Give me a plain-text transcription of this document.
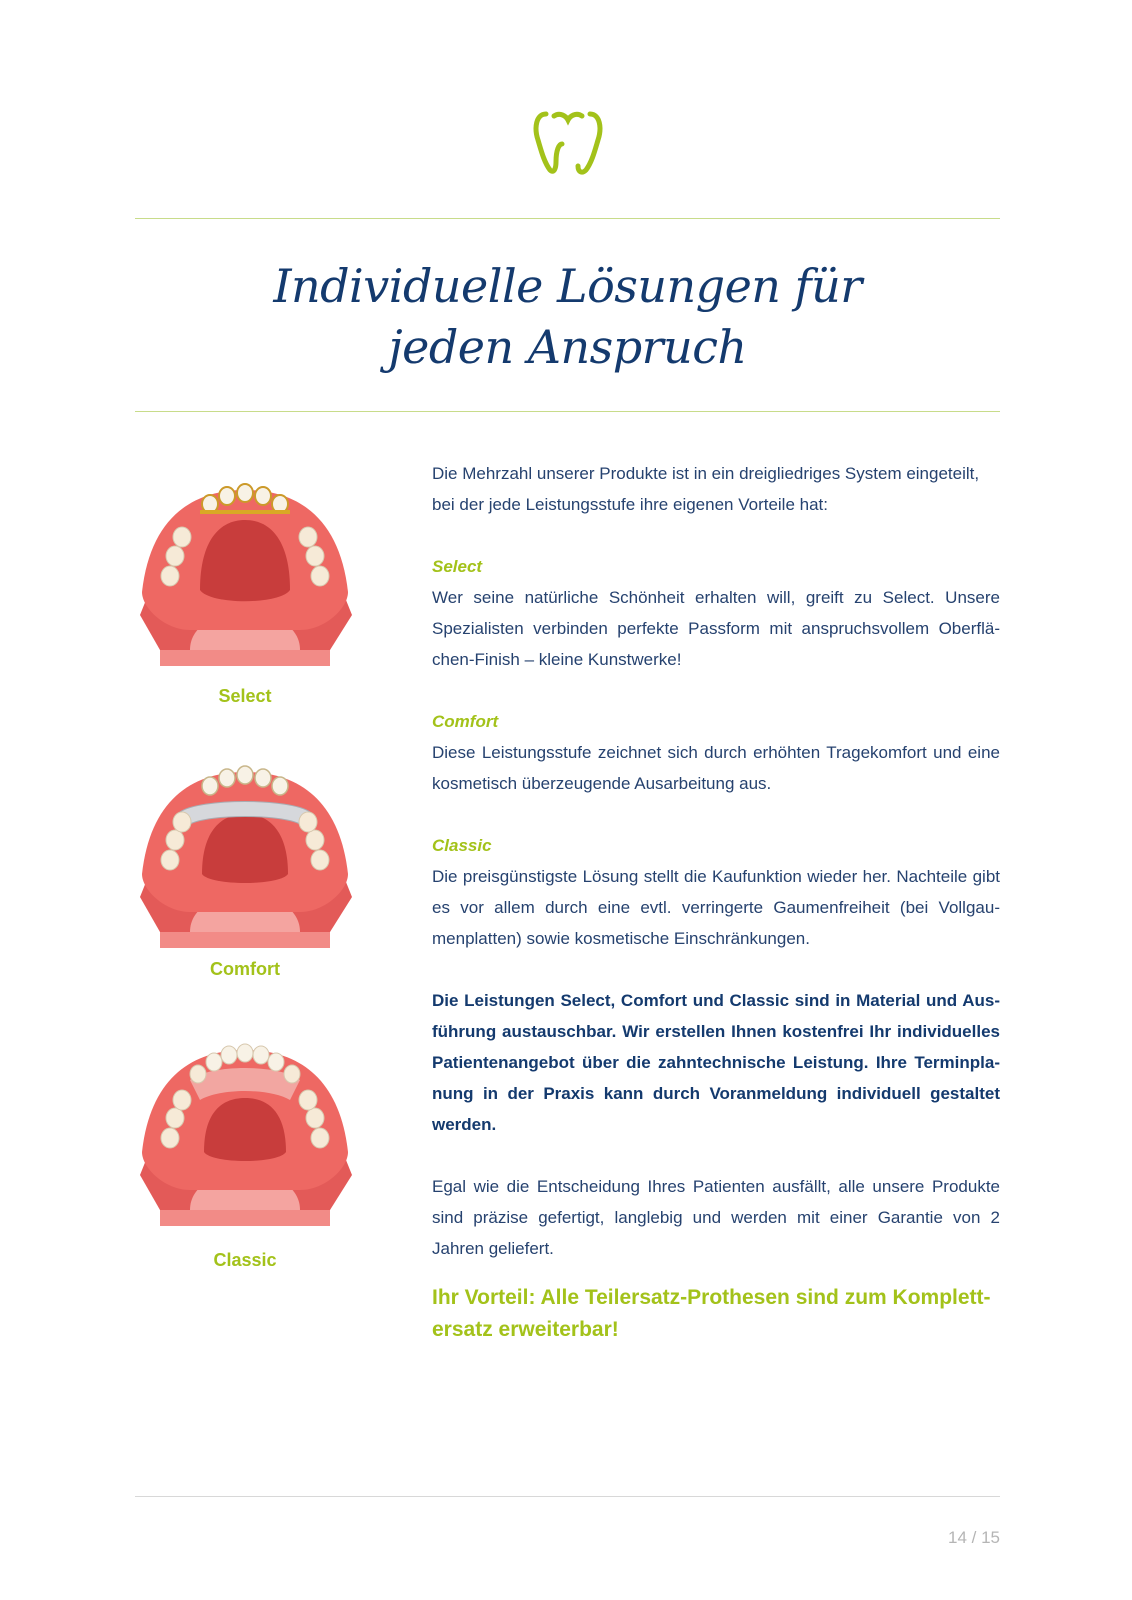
Individuelle Lösungen für
jeden Anspruch
Select
Comfort
Classic

Die Mehrzahl unserer Produkte ist in ein dreigliedriges System eingeteilt, bei der jede Leistungsstufe ihre eigenen Vorteile hat:

Select

Wer seine natürliche Schönheit erhalten will, greift zu Select. Unsere Spezialisten verbinden perfekte Passform mit anspruchsvollem Oberflächen-Finish – kleine Kunstwerke!

Comfort

Diese Leistungsstufe zeichnet sich durch erhöhten Tragekomfort und eine kosmetisch überzeugende Ausarbeitung aus.

Classic

Die preisgünstigste Lösung stellt die Kaufunktion wieder her. Nachteile gibt es vor allem durch eine evtl. verringerte Gaumenfreiheit (bei Vollgaumenplatten) sowie kosmetische Einschränkungen.

Die Leistungen Select, Comfort und Classic sind in Material und Ausführung austauschbar. Wir erstellen Ihnen kostenfrei Ihr individuelles Patientenangebot über die zahntechnische Leistung. Ihre Terminplanung in der Praxis kann durch Voranmeldung individuell gestaltet werden.

Egal wie die Entscheidung Ihres Patienten ausfällt, alle unsere Produkte sind präzise gefertigt, langlebig und werden mit einer Garantie von 2 Jahren geliefert.

Ihr Vorteil: Alle Teilersatz-Prothesen sind zum Komplettersatz erweiterbar!

14 / 15
